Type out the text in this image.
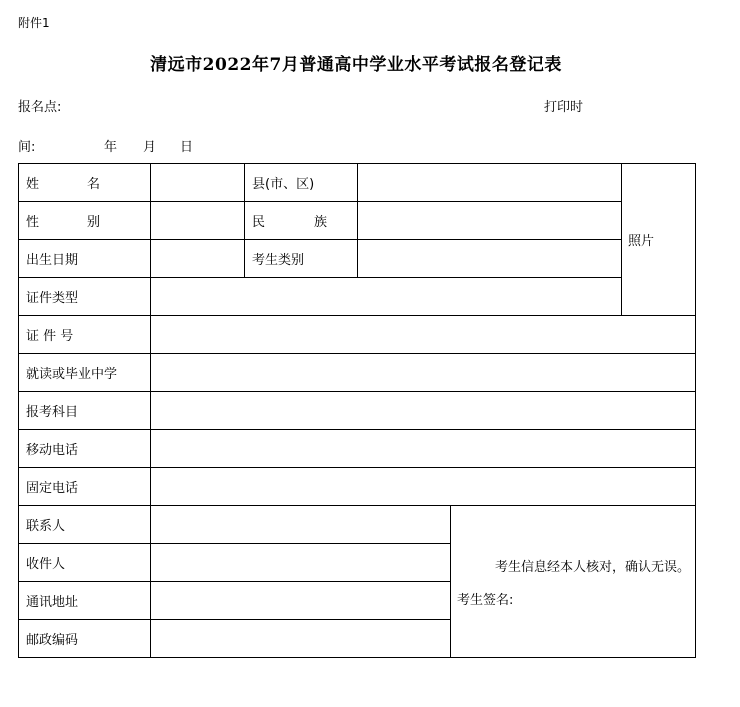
附件1
清远市2022年7月普通高中学业水平考试报名登记表
报名点:	打印时
间:	年 月 日
姓 名		县(市、区)			照片

性 别		民 族			

出生日期		考生类别			
证件类型					
证 件 号					
就读或毕业中学					
报考科目					
移动电话					
固定电话					
联系人				考生信息经本人核对，确认无误。
考生签名:	

收件人					
通讯地址					
邮政编码					
